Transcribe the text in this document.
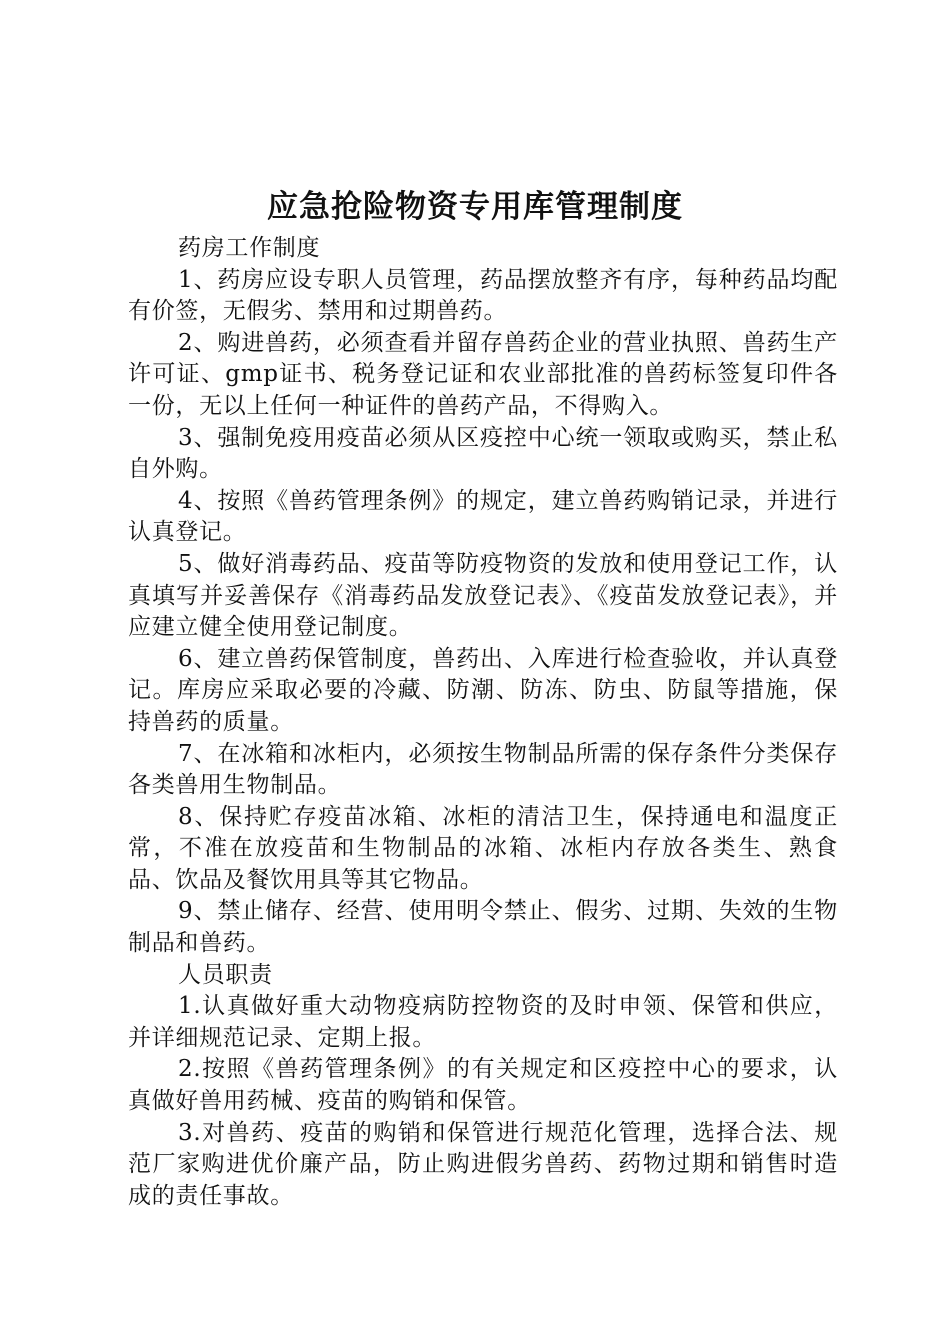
应急抢险物资专用库管理制度

药房工作制度

1、药房应设专职人员管理，药品摆放整齐有序，每种药品均配有价签，无假劣、禁用和过期兽药。

2、购进兽药，必须查看并留存兽药企业的营业执照、兽药生产许可证、gmp证书、税务登记证和农业部批准的兽药标签复印件各一份，无以上任何一种证件的兽药产品，不得购入。

3、强制免疫用疫苗必须从区疫控中心统一领取或购买，禁止私自外购。

4、按照《兽药管理条例》的规定，建立兽药购销记录，并进行认真登记。

5、做好消毒药品、疫苗等防疫物资的发放和使用登记工作，认真填写并妥善保存《消毒药品发放登记表》、《疫苗发放登记表》，并应建立健全使用登记制度。

6、建立兽药保管制度，兽药出、入库进行检查验收，并认真登记。库房应采取必要的冷藏、防潮、防冻、防虫、防鼠等措施，保持兽药的质量。

7、在冰箱和冰柜内，必须按生物制品所需的保存条件分类保存各类兽用生物制品。

8、保持贮存疫苗冰箱、冰柜的清洁卫生，保持通电和温度正常，不准在放疫苗和生物制品的冰箱、冰柜内存放各类生、熟食品、饮品及餐饮用具等其它物品。

9、禁止储存、经营、使用明令禁止、假劣、过期、失效的生物制品和兽药。

人员职责

1.认真做好重大动物疫病防控物资的及时申领、保管和供应，并详细规范记录、定期上报。

2.按照《兽药管理条例》的有关规定和区疫控中心的要求，认真做好兽用药械、疫苗的购销和保管。

3.对兽药、疫苗的购销和保管进行规范化管理，选择合法、规范厂家购进优价廉产品，防止购进假劣兽药、药物过期和销售时造成的责任事故。
